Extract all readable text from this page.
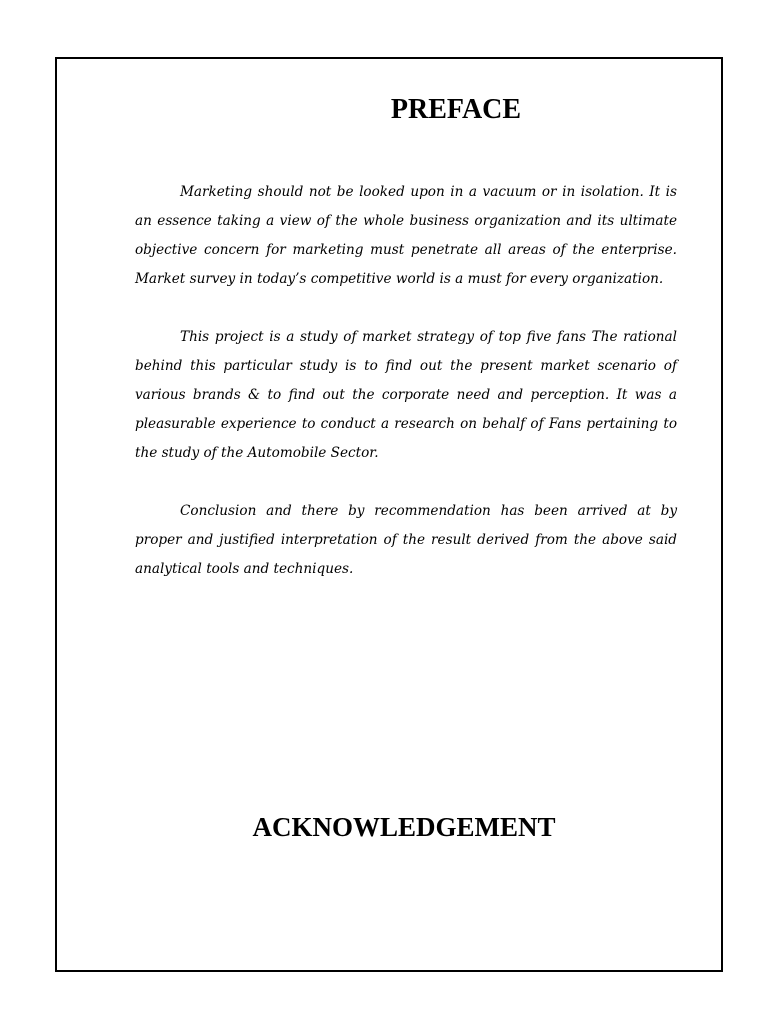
PREFACE

Marketing should not be looked upon in a vacuum or in isolation. It is an essence taking a view of the whole business organization and its ultimate objective concern for marketing must penetrate all areas of the enterprise. Market survey in today’s competitive world is a must for every organization.

This project is a study of market strategy of top five fans The rational behind this particular study is to find out the present market scenario of various brands & to find out the corporate need and perception. It was a pleasurable experience to conduct a research on behalf of Fans pertaining to the study of the Automobile Sector.

Conclusion and there by recommendation has been arrived at by proper and justified interpretation of the result derived from the above said analytical tools and techniques.

ACKNOWLEDGEMENT
